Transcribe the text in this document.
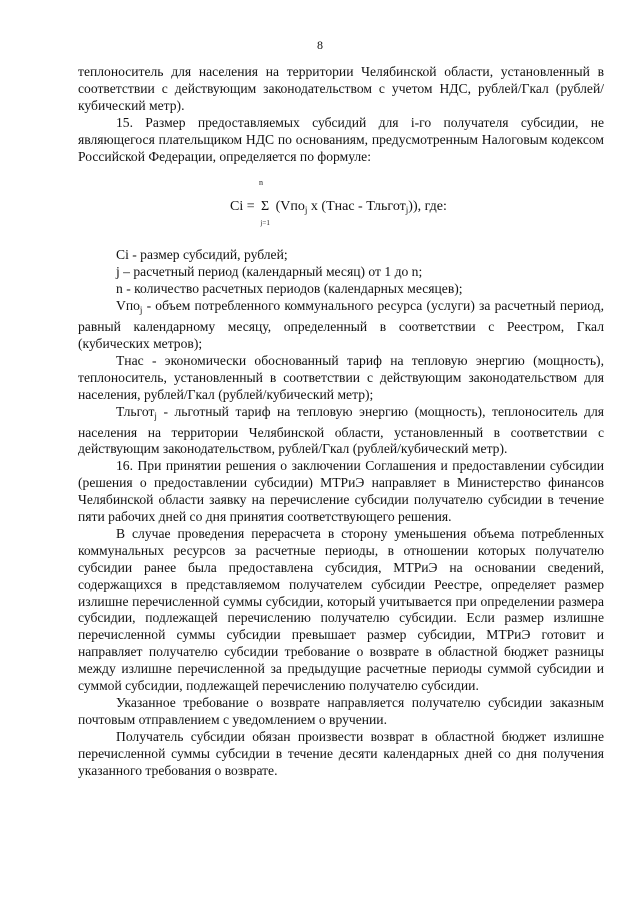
8

теплоноситель для населения на территории Челябинской области, установленный в соответствии с действующим законодательством с учетом НДС, рублей/Гкал (рублей/кубический метр).

15. Размер предоставляемых субсидий для i-го получателя субсидии, не являющегося плательщиком НДС по основаниям, предусмотренным Налоговым кодексом Российской Федерации, определяется по формуле:

n
Ci = Σ
j=1
(Vпо$_j$ x (Тнас - Тльгот$_j$)), где:

Ci - размер субсидий, рублей;

j – расчетный период (календарный месяц) от 1 до n;

n - количество расчетных периодов (календарных месяцев);

Vпо$_j$ - объем потребленного коммунального ресурса (услуги) за расчетный период, равный календарному месяцу, определенный в соответствии с Реестром, Гкал (кубических метров);

Тнас - экономически обоснованный тариф на тепловую энергию (мощность), теплоноситель, установленный в соответствии с действующим законодательством для населения, рублей/Гкал (рублей/кубический метр);

Тльгот$_j$ - льготный тариф на тепловую энергию (мощность), теплоноситель для населения на территории Челябинской области, установленный в соответствии с действующим законодательством, рублей/Гкал (рублей/кубический метр).

16. При принятии решения о заключении Соглашения и предоставлении субсидии (решения о предоставлении субсидии) МТРиЭ направляет в Министерство финансов Челябинской области заявку на перечисление субсидии получателю субсидии в течение пяти рабочих дней со дня принятия соответствующего решения.

В случае проведения перерасчета в сторону уменьшения объема потребленных коммунальных ресурсов за расчетные периоды, в отношении которых получателю субсидии ранее была предоставлена субсидия, МТРиЭ на основании сведений, содержащихся в представляемом получателем субсидии Реестре, определяет размер излишне перечисленной суммы субсидии, который учитывается при определении размера субсидии, подлежащей перечислению получателю субсидии. Если размер излишне перечисленной суммы субсидии превышает размер субсидии, МТРиЭ готовит и направляет получателю субсидии требование о возврате в областной бюджет разницы между излишне перечисленной за предыдущие расчетные периоды суммой субсидии и суммой субсидии, подлежащей перечислению получателю субсидии.

Указанное требование о возврате направляется получателю субсидии заказным почтовым отправлением с уведомлением о вручении.

Получатель субсидии обязан произвести возврат в областной бюджет излишне перечисленной суммы субсидии в течение десяти календарных дней со дня получения указанного требования о возврате.
